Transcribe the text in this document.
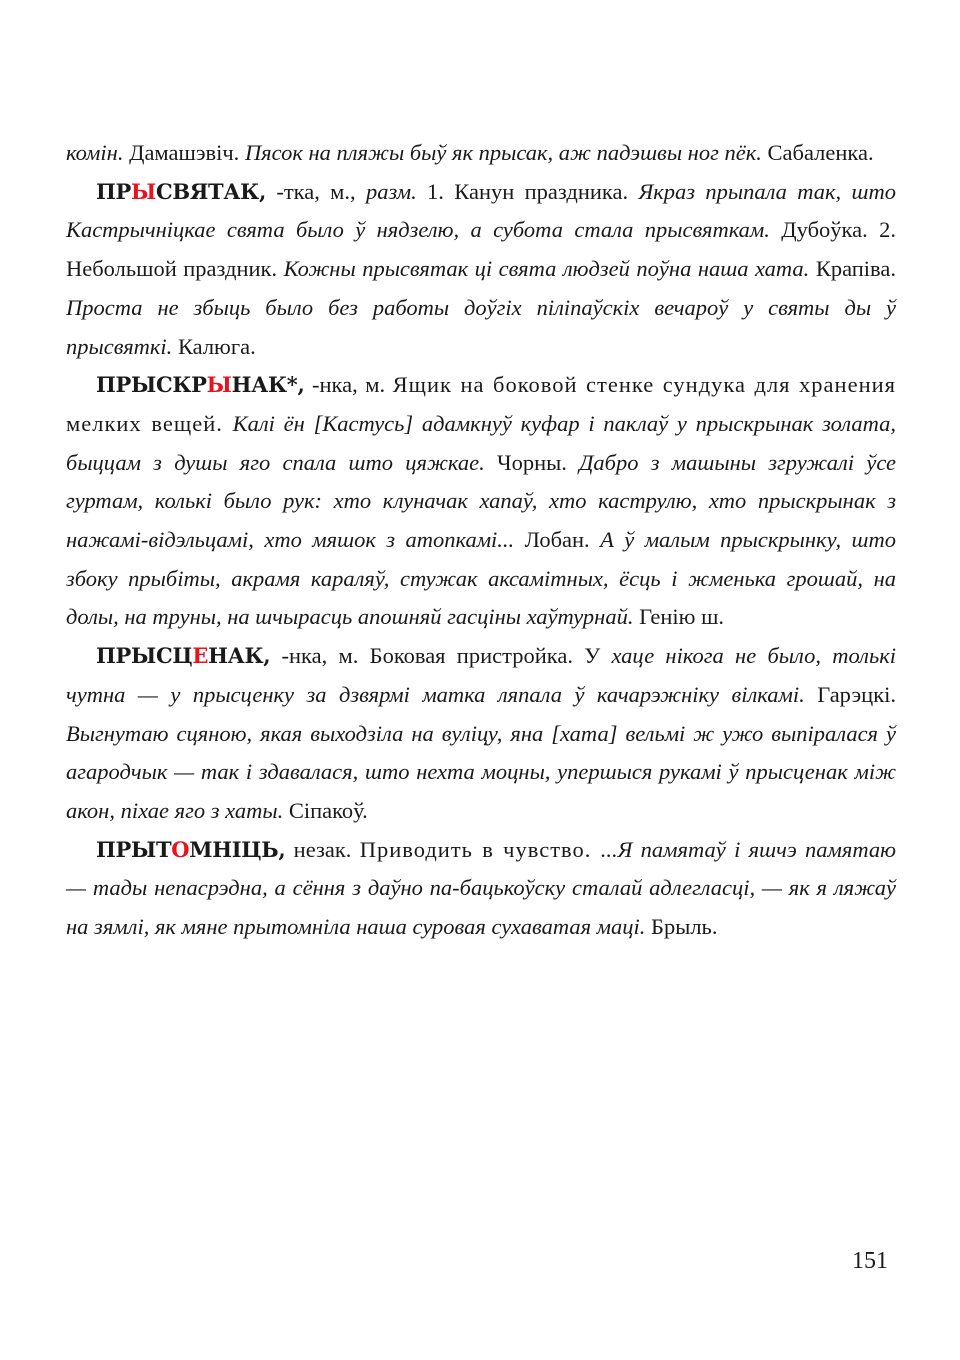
комін. Дамашэвіч. Пясок на пляжы быў як прысак, аж падэшвы ног пёк. Сабаленка.

ПРЫСВЯТАК, -тка, м., разм. 1. Канун праздника. Якраз прыпала так, што Кастрычніцкае свята было ў нядзелю, а субота стала прысвяткам. Дубоўка. 2. Небольшой праздник. Кожны прысвятак ці свята людзей поўна наша хата. Крапіва. Проста не збыць было без работы доўгіх пілiпаўскіх вечароў у святы ды ў прысвяткі. Калюга.

ПРЫСКРЫНАК*, -нка, м. Ящик на боковой стенке сундука для хранения мелких вещей. Калі ён [Кастусь] адамкнуў куфар і паклаў у прыскрынак золата, быццам з душы яго спала што цяжкае. Чорны. Дабро з машыны згружалі ўсе гуртам, колькі было рук: хто клуначак хапаў, хто каструлю, хто прыскрынак з нажамі-відэльцамі, хто мяшок з атопкамі... Лобан. А ў малым прыскрынку, што збоку прыбіты, акрамя караляў, стужак аксамітных, ёсць і жменька грошай, на долы, на труны, на шчырасць апошняй гасціны хаўтурнай. Генію ш.

ПРЫСЦЕНАК, -нка, м. Боковая пристройка. У хаце нікога не было, толькі чутна — у прысценку за дзвярмі матка ляпала ў качарэжніку вілкамі. Гарэцкі. Выгнутаю сцяною, якая выходзіла на вуліцу, яна [хата] вельмі ж ужо выпіралася ў агародчык — так і здавалася, што нехта моцны, упершыся рукамі ў прысценак між акон, піхае яго з хаты. Сіпакоў.

ПРЫТОМНІЦЬ, незак. Приводить в чувство. ...Я памятаў і яшчэ памятаю — тады непасрэдна, а сёння з даўно па-бацькоўску сталай адлегласці, — як я ляжаў на зямлі, як мяне прытомніла наша суровая сухаватая маці. Брыль.

151
